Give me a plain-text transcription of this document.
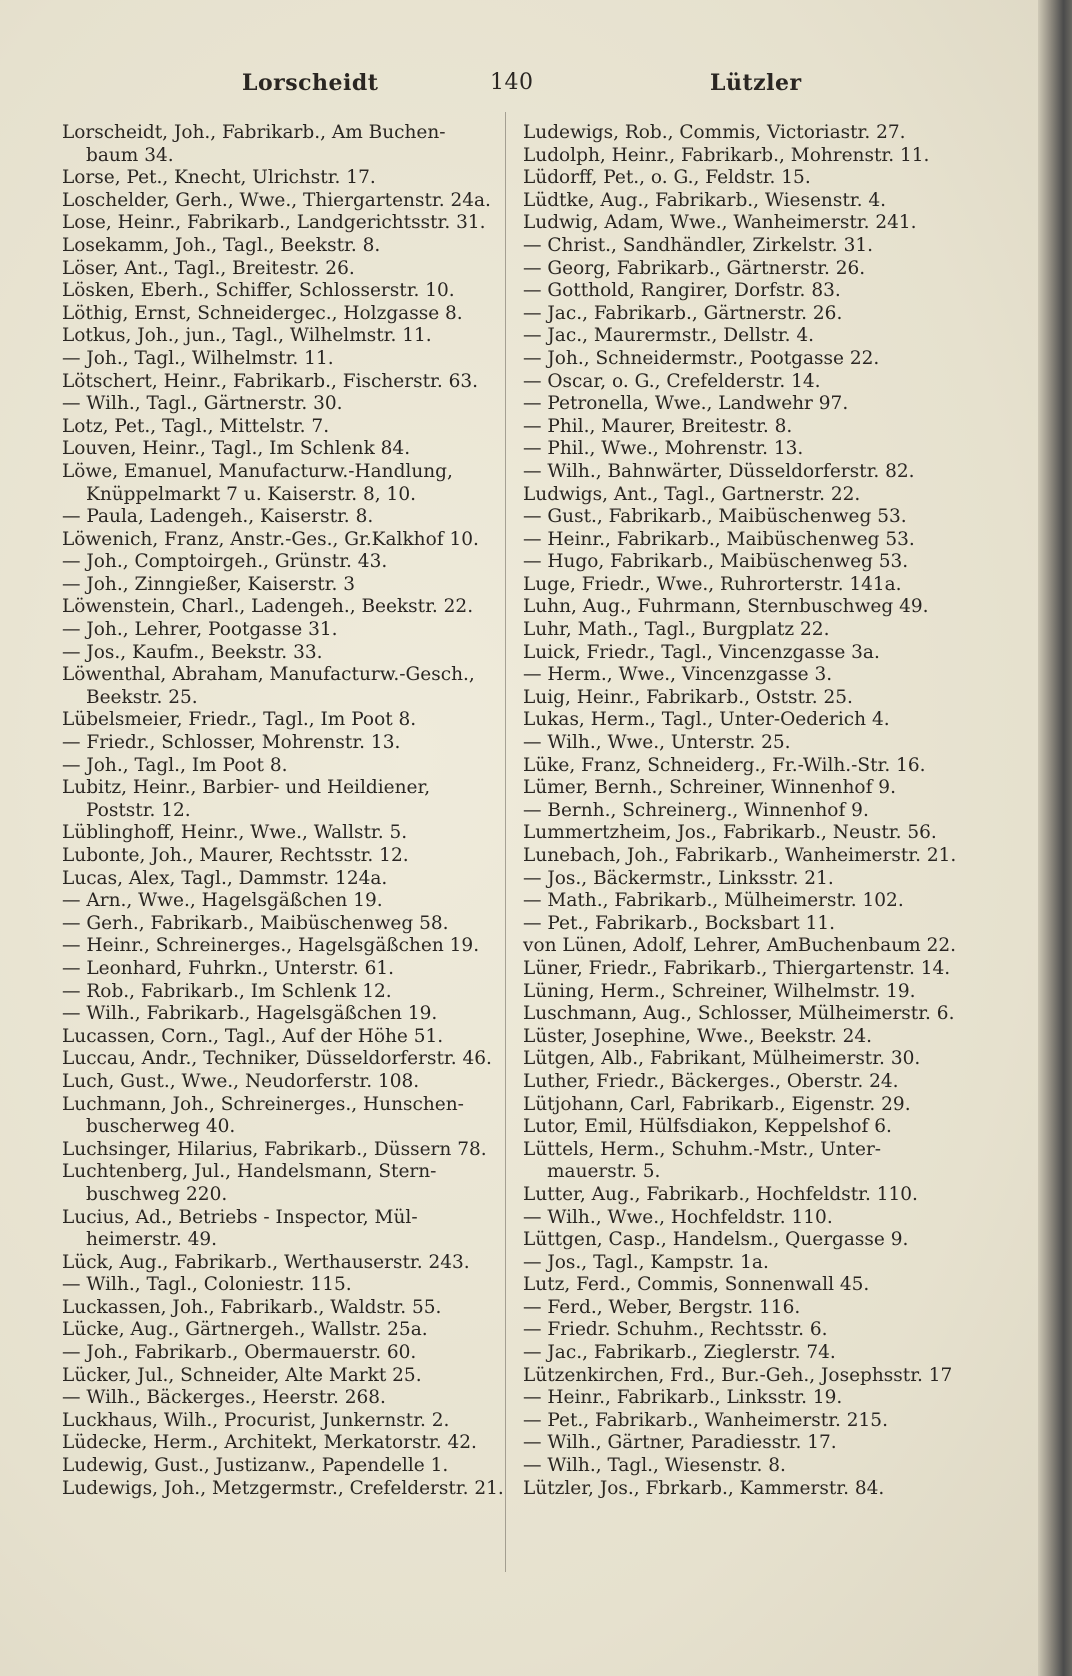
Lorscheidt	140	Lützler

Lorscheidt, Joh., Fabrikarb., Am Buchen-

baum 34.

Lorse, Pet., Knecht, Ulrichstr. 17.

Loschelder, Gerh., Wwe., Thiergartenstr. 24a.

Lose, Heinr., Fabrikarb., Landgerichtsstr. 31.

Losekamm, Joh., Tagl., Beekstr. 8.

Löser, Ant., Tagl., Breitestr. 26.

Lösken, Eberh., Schiffer, Schlosserstr. 10.

Löthig, Ernst, Schneidergeс., Holzgasse 8.

Lotkus, Joh., jun., Tagl., Wilhelmstr. 11.

— Joh., Tagl., Wilhelmstr. 11.

Lötschert, Heinr., Fabrikarb., Fischerstr. 63.

— Wilh., Tagl., Gärtnerstr. 30.

Lotz, Pet., Tagl., Mittelstr. 7.

Louven, Heinr., Tagl., Im Schlenk 84.

Löwe, Emanuel, Manufacturw.-Handlung,

Knüppelmarkt 7 u. Kaiserstr. 8, 10.

— Paula, Ladengeh., Kaiserstr. 8.

Löwenich, Franz, Anstr.-Ges., Gr.Kalkhof 10.

— Joh., Comptoirgeh., Grünstr. 43.

— Joh., Zinngießer, Kaiserstr. 3

Löwenstein, Charl., Ladengeh., Beekstr. 22.

— Joh., Lehrer, Pootgasse 31.

— Jos., Kaufm., Beekstr. 33.

Löwenthal, Abraham, Manufacturw.-Gesch.,

Beekstr. 25.

Lübelsmeier, Friedr., Tagl., Im Poot 8.

— Friedr., Schlosser, Mohrenstr. 13.

— Joh., Tagl., Im Poot 8.

Lubitz, Heinr., Barbier- und Heildiener,

Poststr. 12.

Lüblinghoff, Heinr., Wwe., Wallstr. 5.

Lubonte, Joh., Maurer, Rechtsstr. 12.

Lucas, Alex, Tagl., Dammstr. 124a.

— Arn., Wwe., Hagelsgäßchen 19.

— Gerh., Fabrikarb., Maibüschenweg 58.

— Heinr., Schreinerges., Hagelsgäßchen 19.

— Leonhard, Fuhrkn., Unterstr. 61.

— Rob., Fabrikarb., Im Schlenk 12.

— Wilh., Fabrikarb., Hagelsgäßchen 19.

Lucassen, Corn., Tagl., Auf der Höhe 51.

Luccau, Andr., Techniker, Düsseldorferstr. 46.

Luch, Gust., Wwe., Neudorferstr. 108.

Luchmann, Joh., Schreinerges., Hunschen-

buscherweg 40.

Luchsinger, Hilarius, Fabrikarb., Düssern 78.

Luchtenberg, Jul., Handelsmann, Stern-

buschweg 220.

Lucius, Ad., Betriebs - Inspector, Mül-

heimerstr. 49.

Lück, Aug., Fabrikarb., Werthauserstr. 243.

— Wilh., Tagl., Coloniestr. 115.

Luckassen, Joh., Fabrikarb., Waldstr. 55.

Lücke, Aug., Gärtnergeh., Wallstr. 25a.

— Joh., Fabrikarb., Obermauerstr. 60.

Lücker, Jul., Schneider, Alte Markt 25.

— Wilh., Bäckerges., Heerstr. 268.

Luckhaus, Wilh., Procurist, Junkernstr. 2.

Lüdecke, Herm., Architekt, Merkatorstr. 42.

Ludewig, Gust., Justizanw., Papendelle 1.

Ludewigs, Joh., Metzgermstr., Crefelderstr. 21.

Ludewigs, Rob., Commis, Victoriastr. 27.

Ludolph, Heinr., Fabrikarb., Mohrenstr. 11.

Lüdorff, Pet., o. G., Feldstr. 15.

Lüdtke, Aug., Fabrikarb., Wiesenstr. 4.

Ludwig, Adam, Wwe., Wanheimerstr. 241.

— Christ., Sandhändler, Zirkelstr. 31.

— Georg, Fabrikarb., Gärtnerstr. 26.

— Gotthold, Rangirer, Dorfstr. 83.

— Jac., Fabrikarb., Gärtnerstr. 26.

— Jac., Maurermstr., Dellstr. 4.

— Joh., Schneidermstr., Pootgasse 22.

— Oscar, o. G., Crefelderstr. 14.

— Petronella, Wwe., Landwehr 97.

— Phil., Maurer, Breitestr. 8.

— Phil., Wwe., Mohrenstr. 13.

— Wilh., Bahnwärter, Düsseldorferstr. 82.

Ludwigs, Ant., Tagl., Gartnerstr. 22.

— Gust., Fabrikarb., Maibüschenweg 53.

— Heinr., Fabrikarb., Maibüschenweg 53.

— Hugo, Fabrikarb., Maibüschenweg 53.

Luge, Friedr., Wwe., Ruhrorterstr. 141a.

Luhn, Aug., Fuhrmann, Sternbuschweg 49.

Luhr, Math., Tagl., Burgplatz 22.

Luick, Friedr., Tagl., Vincenzgasse 3a.

— Herm., Wwe., Vincenzgasse 3.

Luig, Heinr., Fabrikarb., Oststr. 25.

Lukas, Herm., Tagl., Unter-Oederich 4.

— Wilh., Wwe., Unterstr. 25.

Lüke, Franz, Schneiderg., Fr.-Wilh.-Str. 16.

Lümer, Bernh., Schreiner, Winnenhof 9.

— Bernh., Schreinerg., Winnenhof 9.

Lummertzheim, Jos., Fabrikarb., Neustr. 56.

Lunebach, Joh., Fabrikarb., Wanheimerstr. 21.

— Jos., Bäckermstr., Linksstr. 21.

— Math., Fabrikarb., Mülheimerstr. 102.

— Pet., Fabrikarb., Bocksbart 11.

von Lünen, Adolf, Lehrer, AmBuchenbaum 22.

Lüner, Friedr., Fabrikarb., Thiergartenstr. 14.

Lüning, Herm., Schreiner, Wilhelmstr. 19.

Luschmann, Aug., Schlosser, Mülheimerstr. 6.

Lüster, Josephine, Wwe., Beekstr. 24.

Lütgen, Alb., Fabrikant, Mülheimerstr. 30.

Luther, Friedr., Bäckerges., Oberstr. 24.

Lütjohann, Carl, Fabrikarb., Eigenstr. 29.

Lutor, Emil, Hülfsdiakon, Keppelshof 6.

Lüttels, Herm., Schuhm.-Mstr., Unter-

mauerstr. 5.

Lutter, Aug., Fabrikarb., Hochfeldstr. 110.

— Wilh., Wwe., Hochfeldstr. 110.

Lüttgen, Casp., Handelsm., Quergasse 9.

— Jos., Tagl., Kampstr. 1a.

Lutz, Ferd., Commis, Sonnenwall 45.

— Ferd., Weber, Bergstr. 116.

— Friedr. Schuhm., Rechtsstr. 6.

— Jac., Fabrikarb., Zieglerstr. 74.

Lützenkirchen, Frd., Bur.-Geh., Josephsstr. 17

— Heinr., Fabrikarb., Linksstr. 19.

— Pet., Fabrikarb., Wanheimerstr. 215.

— Wilh., Gärtner, Paradiesstr. 17.

— Wilh., Tagl., Wiesenstr. 8.

Lützler, Jos., Fbrkarb., Kammerstr. 84.
